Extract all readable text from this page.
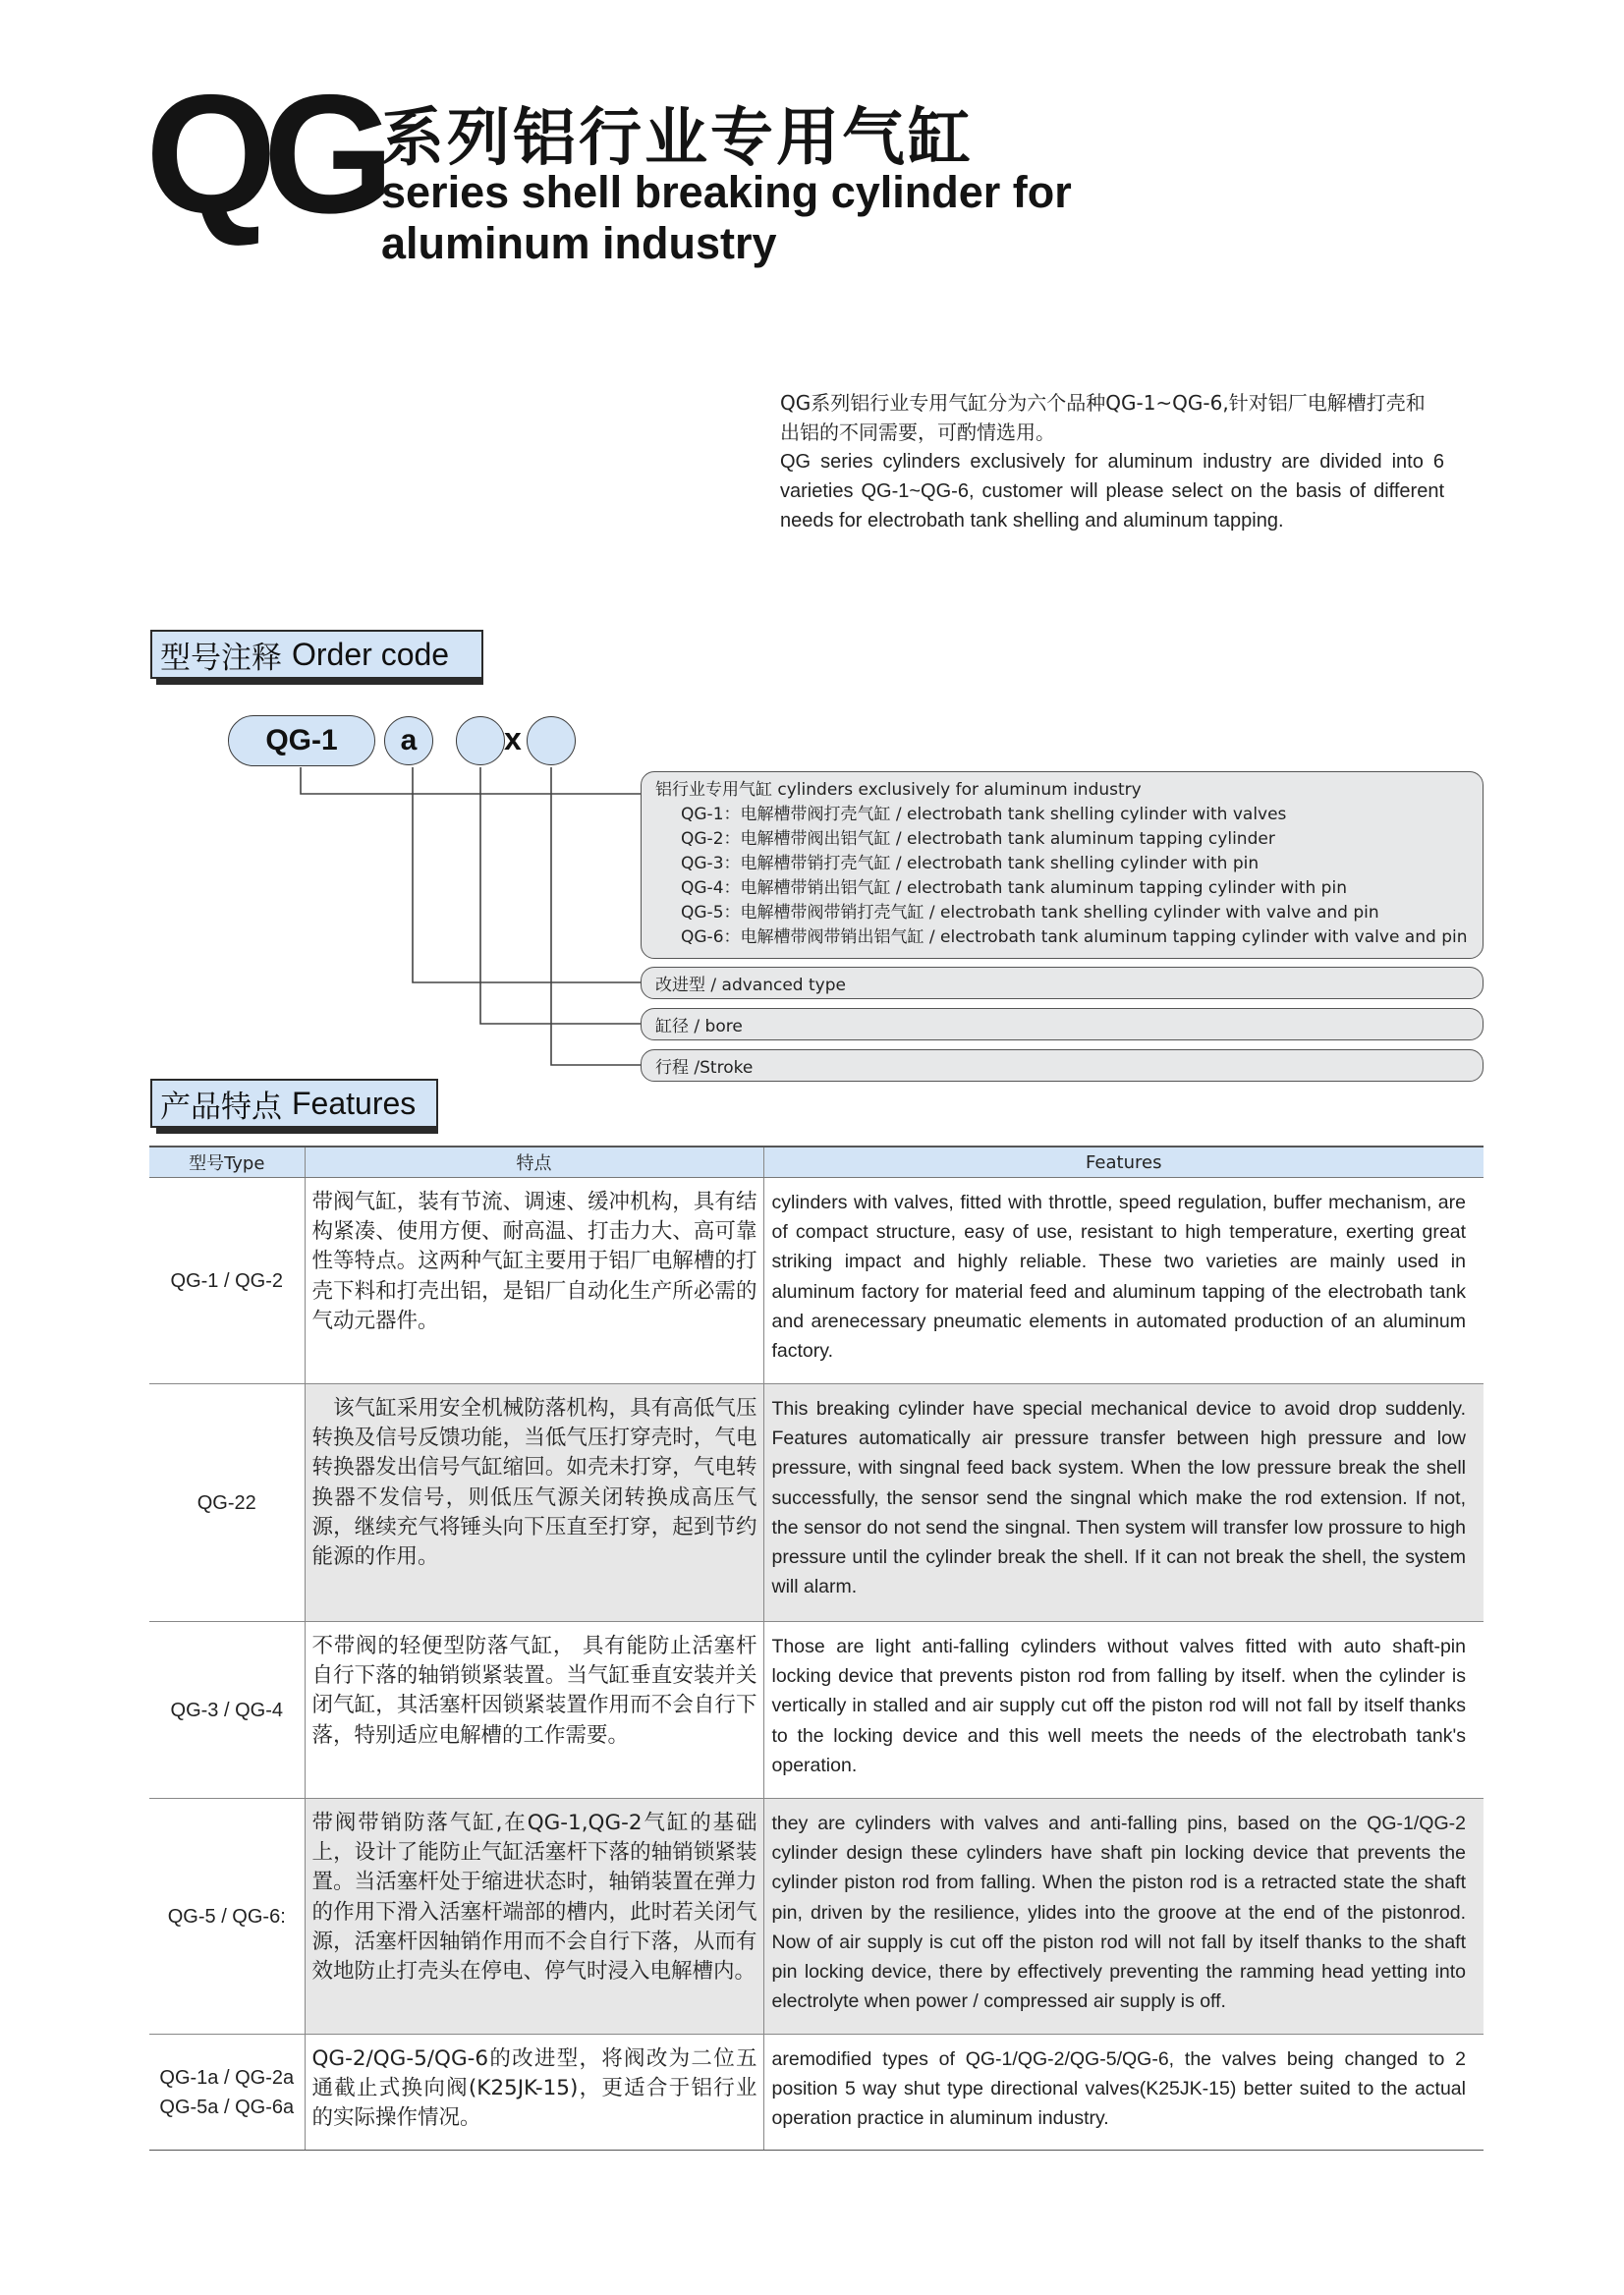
QG 系列铝行业专用气缸
series shell breaking cylinder for aluminum industry

QG系列铝行业专用气缸分为六个品种QG-1~QG-6,针对铝厂电解槽打壳和出铝的不同需要，可酌情选用。

QG series cylinders exclusively for aluminum industry are divided into 6 varieties QG-1~QG-6, customer will please select on the basis of different needs for electrobath tank shelling and aluminum tapping.

型号注释 Order code
QG-1	a	x
铝行业专用气缸 cylinders exclusively for aluminum industry
QG-1：电解槽带阀打壳气缸 / electrobath tank shelling cylinder with valves
QG-2：电解槽带阀出铝气缸 / electrobath tank aluminum tapping cylinder
QG-3：电解槽带销打壳气缸 / electrobath tank shelling cylinder with pin
QG-4：电解槽带销出铝气缸 / electrobath tank aluminum tapping cylinder with pin
QG-5：电解槽带阀带销打壳气缸 / electrobath tank shelling cylinder with valve and pin
QG-6：电解槽带阀带销出铝气缸 / electrobath tank aluminum tapping cylinder with valve and pin
改进型 / advanced type
缸径 / bore
行程 /Stroke
产品特点 Features
型号Type	特点	Features
QG-1 / QG-2	带阀气缸，装有节流、调速、缓冲机构，具有结构紧凑、使用方便、耐高温、打击力大、高可靠性等特点。这两种气缸主要用于铝厂电解槽的打壳下料和打壳出铝，是铝厂自动化生产所必需的气动元器件。	cylinders with valves, fitted with throttle, speed regulation, buffer mechanism, are of compact structure, easy of use, resistant to high temperature, exerting great striking impact and highly reliable. These two varieties are mainly used in aluminum factory for material feed and aluminum tapping of the electrobath tank and arenecessary pneumatic elements in automated production of an aluminum factory.
QG-22	　该气缸采用安全机械防落机构，具有高低气压转换及信号反馈功能，当低气压打穿壳时，气电转换器发出信号气缸缩回。如壳未打穿，气电转换器不发信号，则低压气源关闭转换成高压气源，继续充气将锤头向下压直至打穿，起到节约能源的作用。	This breaking cylinder have special mechanical device to avoid drop suddenly. Features automatically air pressure transfer between high pressure and low pressure, with singnal feed back system. When the low pressure break the shell successfully, the sensor send the singnal which make the rod extension. If not, the sensor do not send the singnal. Then system will transfer low prossure to high pressure until the cylinder break the shell. If it can not break the shell, the system will alarm.
QG-3 / QG-4	不带阀的轻便型防落气缸， 具有能防止活塞杆自行下落的轴销锁紧装置。当气缸垂直安装并关闭气缸，其活塞杆因锁紧装置作用而不会自行下落，特别适应电解槽的工作需要。	Those are light anti-falling cylinders without valves fitted with auto shaft-pin locking device that prevents piston rod from falling by itself. when the cylinder is vertically in stalled and air supply cut off the piston rod will not fall by itself thanks to the locking device and this well meets the needs of the electrobath tank's operation.
QG-5 / QG-6:	带阀带销防落气缸,在QG-1,QG-2气缸的基础上，设计了能防止气缸活塞杆下落的轴销锁紧装置。当活塞杆处于缩进状态时，轴销装置在弹力的作用下滑入活塞杆端部的槽内，此时若关闭气源，活塞杆因轴销作用而不会自行下落，从而有效地防止打壳头在停电、停气时浸入电解槽内。	they are cylinders with valves and anti-falling pins, based on the QG-1/QG-2 cylinder design these cylinders have shaft pin locking device that prevents the cylinder piston rod from falling. When the piston rod is a retracted state the shaft pin, driven by the resilience, ylides into the groove at the end of the pistonrod. Now of air supply is cut off the piston rod will not fall by itself thanks to the shaft pin locking device, there by effectively preventing the ramming head yetting into electrolyte when power / compressed air supply is off.

QG-1a / QG-2a
QG-5a / QG-6a	QG-2/QG-5/QG-6的改进型，将阀改为二位五通截止式换向阀(K25JK-15)，更适合于铝行业的实际操作情况。	aremodified types of QG-1/QG-2/QG-5/QG-6, the valves being changed to 2 position 5 way shut type directional valves(K25JK-15) better suited to the actual operation practice in aluminum industry.
